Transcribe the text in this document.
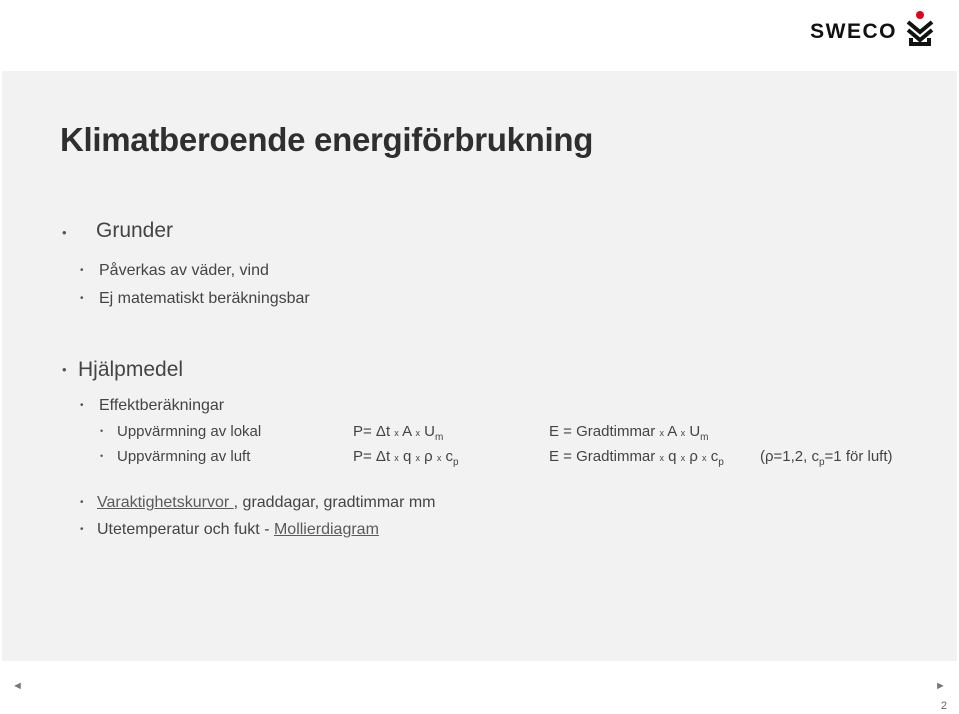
SWECO
Klimatberoende energiförbrukning
• Grunder
• Påverkas av väder, vind
• Ej matematiskt beräkningsbar
• Hjälpmedel
• Effektberäkningar
• Uppvärmning av lokal	P= Δt x A x $U_m$	E = Gradtimmar x A x $U_m$
• Uppvärmning av luft	P= Δt x q x ρ x $c_p$	E = Gradtimmar x q x ρ x $c_p$ (ρ=1,2, $c_p=1$ för luft)
• Varaktighetskurvor , graddagar, gradtimmar mm
• Utetemperatur och fukt - Mollierdiagram
◄	►
2
